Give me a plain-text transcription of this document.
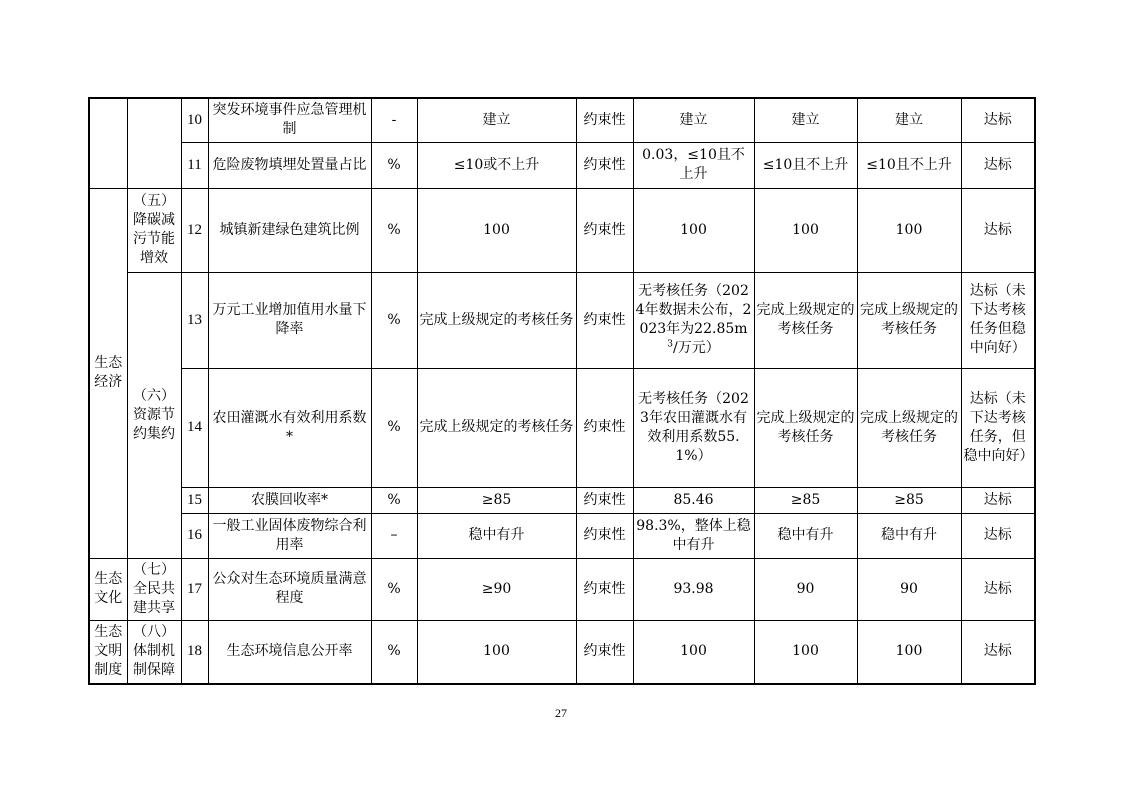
		10	突发环境事件应急管理机制	-	建立	约束性	建立	建立	建立	达标
		11	危险废物填埋处置量占比	%	≤10或不上升	约束性	0.03，≤10且不上升	≤10且不上升	≤10且不上升	达标
生态经济	（五）降碳减污节能增效	12	城镇新建绿色建筑比例	%	100	约束性	100	100	100	达标
	（六）资源节约集约	13	万元工业增加值用水量下降率	%	完成上级规定的考核任务	约束性	无考核任务（2024年数据未公布，2023年为$22.85m^3/$万元）	完成上级规定的考核任务	完成上级规定的考核任务	达标（未下达考核任务但稳中向好）
		14	农田灌溉水有效利用系数*	%	完成上级规定的考核任务	约束性	无考核任务（2023年农田灌溉水有效利用系数55.1%）	完成上级规定的考核任务	完成上级规定的考核任务	达标（未下达考核任务，但稳中向好）
		15	农膜回收率*	%	≥85	约束性	85.46	≥85	≥85	达标
		16	一般工业固体废物综合利用率	–	稳中有升	约束性	98.3%，整体上稳中有升	稳中有升	稳中有升	达标
生态文化	（七）全民共建共享	17	公众对生态环境质量满意程度	%	≥90	约束性	93.98	90	90	达标
生态文明制度	（八）体制机制保障	18	生态环境信息公开率	%	100	约束性	100	100	100	达标
27
